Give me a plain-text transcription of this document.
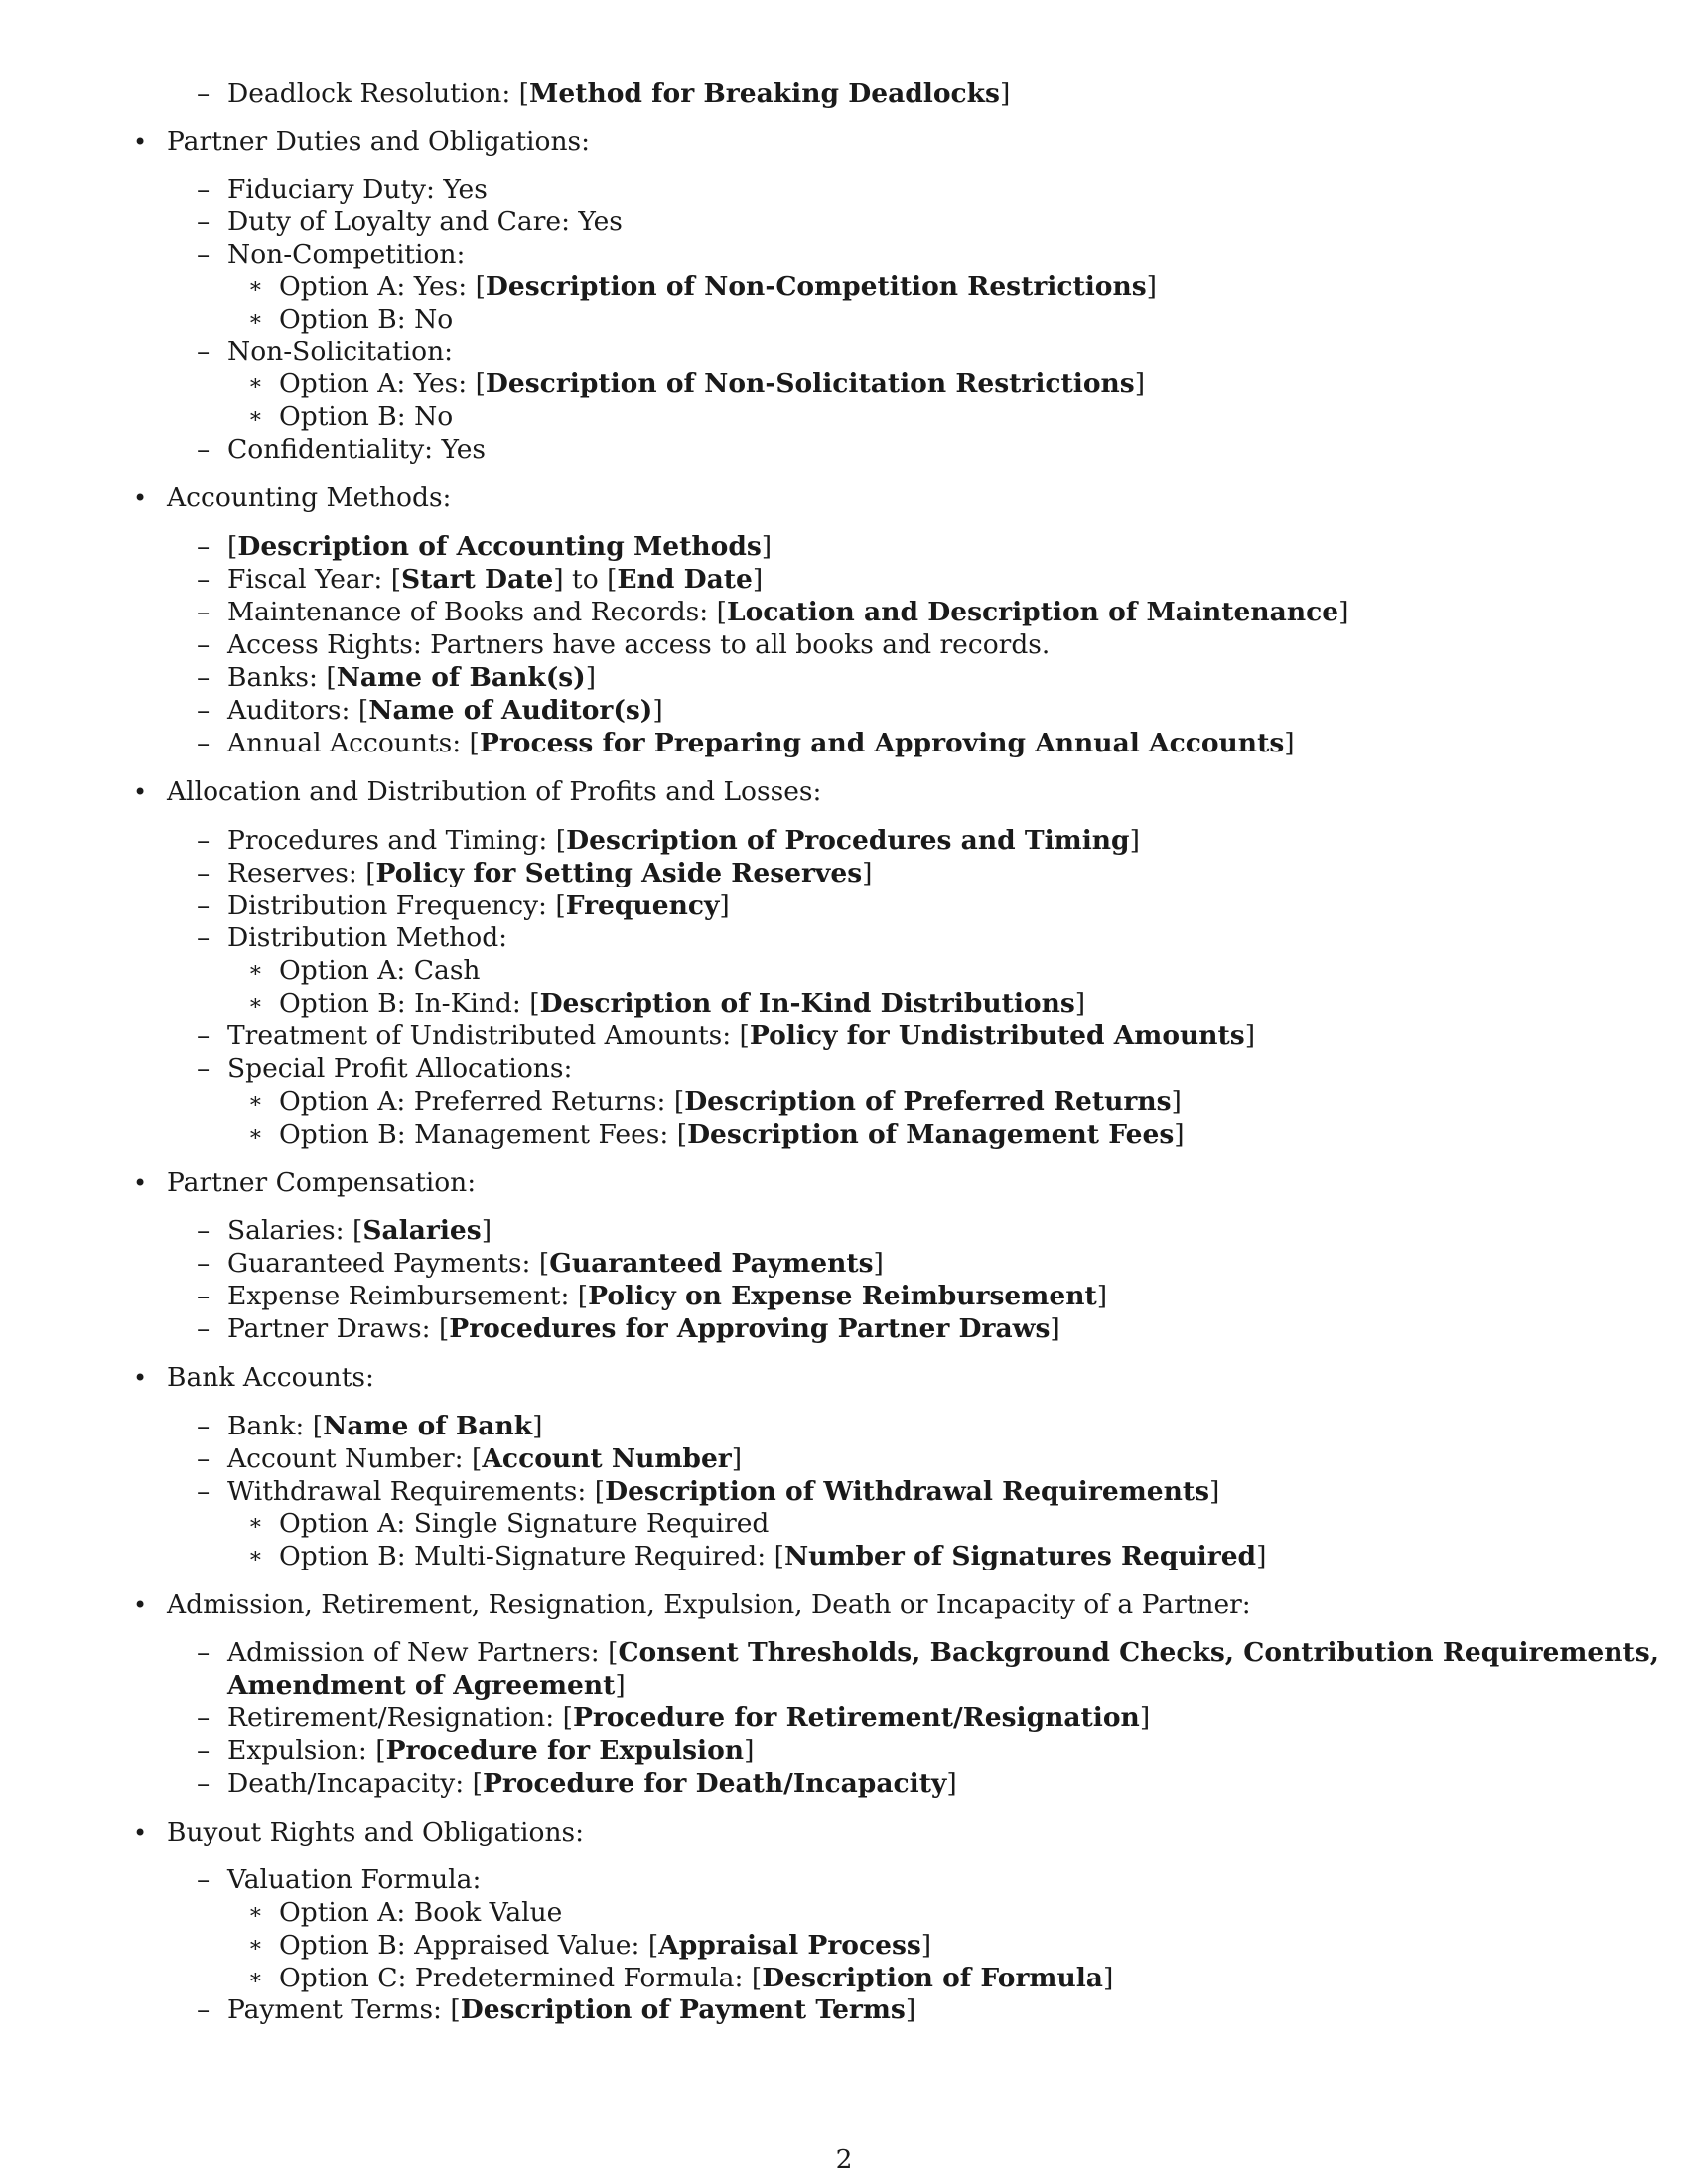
– Deadlock Resolution: [Method for Breaking Deadlocks]
• Partner Duties and Obligations:
– Fiduciary Duty: Yes
– Duty of Loyalty and Care: Yes
– Non-Competition:
∗ Option A: Yes: [Description of Non-Competition Restrictions]
∗ Option B: No
– Non-Solicitation:
∗ Option A: Yes: [Description of Non-Solicitation Restrictions]
∗ Option B: No
– Confidentiality: Yes
• Accounting Methods:
– [Description of Accounting Methods]
– Fiscal Year: [Start Date] to [End Date]
– Maintenance of Books and Records: [Location and Description of Maintenance]
– Access Rights: Partners have access to all books and records.
– Banks: [Name of Bank(s)]
– Auditors: [Name of Auditor(s)]
– Annual Accounts: [Process for Preparing and Approving Annual Accounts]
• Allocation and Distribution of Profits and Losses:
– Procedures and Timing: [Description of Procedures and Timing]
– Reserves: [Policy for Setting Aside Reserves]
– Distribution Frequency: [Frequency]
– Distribution Method:
∗ Option A: Cash
∗ Option B: In-Kind: [Description of In-Kind Distributions]
– Treatment of Undistributed Amounts: [Policy for Undistributed Amounts]
– Special Profit Allocations:
∗ Option A: Preferred Returns: [Description of Preferred Returns]
∗ Option B: Management Fees: [Description of Management Fees]
• Partner Compensation:
– Salaries: [Salaries]
– Guaranteed Payments: [Guaranteed Payments]
– Expense Reimbursement: [Policy on Expense Reimbursement]
– Partner Draws: [Procedures for Approving Partner Draws]
• Bank Accounts:
– Bank: [Name of Bank]
– Account Number: [Account Number]
– Withdrawal Requirements: [Description of Withdrawal Requirements]
∗ Option A: Single Signature Required
∗ Option B: Multi-Signature Required: [Number of Signatures Required]
• Admission, Retirement, Resignation, Expulsion, Death or Incapacity of a Partner:
– Admission of New Partners: [Consent Thresholds, Background Checks, Contribution Requirements,
Amendment of Agreement]
– Retirement/Resignation: [Procedure for Retirement/Resignation]
– Expulsion: [Procedure for Expulsion]
– Death/Incapacity: [Procedure for Death/Incapacity]
• Buyout Rights and Obligations:
– Valuation Formula:
∗ Option A: Book Value
∗ Option B: Appraised Value: [Appraisal Process]
∗ Option C: Predetermined Formula: [Description of Formula]
– Payment Terms: [Description of Payment Terms]
2
